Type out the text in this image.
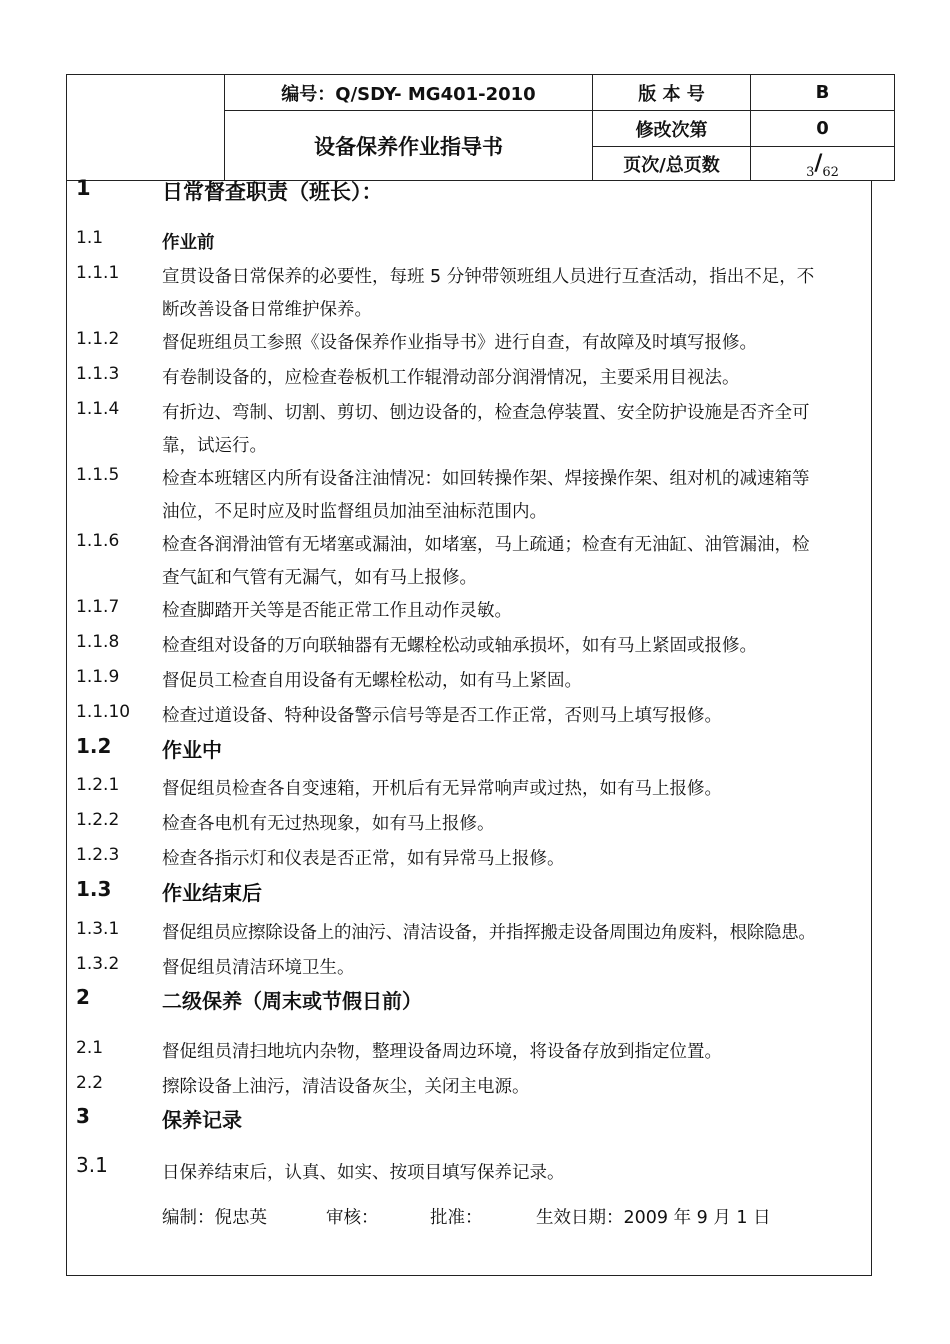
	编号：Q/SDY- MG401-2010	版 本 号	B
	设备保养作业指导书	修改次第	0
		页次/总页数	3/62
1	日常督查职责（班长）：
1.1	作业前
1.1.1	宣贯设备日常保养的必要性，每班 5 分钟带领班组人员进行互查活动，指出不足，不
断改善设备日常维护保养。
1.1.2	督促班组员工参照《设备保养作业指导书》进行自查，有故障及时填写报修。
1.1.3	有卷制设备的，应检查卷板机工作辊滑动部分润滑情况，主要采用目视法。
1.1.4	有折边、弯制、切割、剪切、刨边设备的，检查急停装置、安全防护设施是否齐全可
靠，试运行。
1.1.5	检查本班辖区内所有设备注油情况：如回转操作架、焊接操作架、组对机的减速箱等
油位，不足时应及时监督组员加油至油标范围内。
1.1.6	检查各润滑油管有无堵塞或漏油，如堵塞，马上疏通；检查有无油缸、油管漏油，检
查气缸和气管有无漏气，如有马上报修。
1.1.7	检查脚踏开关等是否能正常工作且动作灵敏。
1.1.8	检查组对设备的万向联轴器有无螺栓松动或轴承损坏，如有马上紧固或报修。
1.1.9	督促员工检查自用设备有无螺栓松动，如有马上紧固。
1.1.10	检查过道设备、特种设备警示信号等是否工作正常，否则马上填写报修。
1.2	作业中
1.2.1	督促组员检查各自变速箱，开机后有无异常响声或过热，如有马上报修。
1.2.2	检查各电机有无过热现象，如有马上报修。
1.2.3	检查各指示灯和仪表是否正常，如有异常马上报修。
1.3	作业结束后
1.3.1	督促组员应擦除设备上的油污、清洁设备，并指挥搬走设备周围边角废料，根除隐患。
1.3.2	督促组员清洁环境卫生。
2	二级保养（周末或节假日前）
2.1	督促组员清扫地坑内杂物，整理设备周边环境，将设备存放到指定位置。
2.2	擦除设备上油污，清洁设备灰尘，关闭主电源。
3	保养记录
3.1	日保养结束后，认真、如实、按项目填写保养记录。
编制：倪忠英	审核：	批准：	生效日期：2009 年 9 月 1 日
